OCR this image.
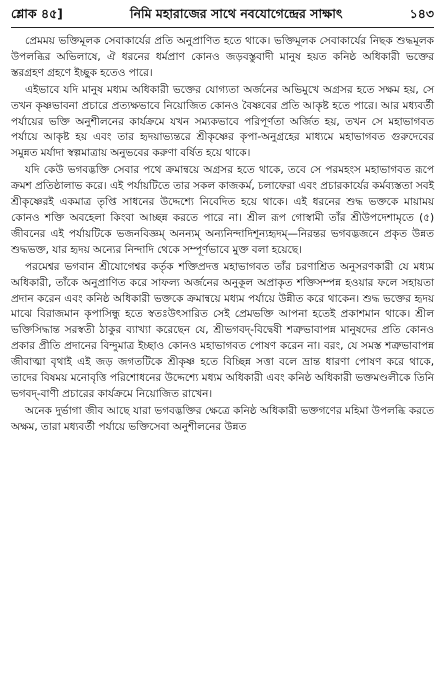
শ্লোক ৪৫]	নিমি মহারাজের সাথে নবযোগেন্দ্রের সাক্ষাৎ	১৪৩

প্রেমময় ভক্তিমূলক সেবাকার্যের প্রতি অনুপ্রাণিত হতে থাকে। ভক্তিমূলক সেবাকার্যের নিছক শুদ্ধমূলক উপলব্ধির অভিলাষে, ঐ ধরনের ধর্মপ্রাণ কোনও জড়বস্তুবাদী মানুষ হয়ত কনিষ্ঠ অধিকারী ভক্তের স্তরগ্রহণ গ্রহণে ইচ্ছুক হতেও পারে।

এইভাবে যদি মানুষ মধ্যম অধিকারী ভক্তের যোগ্যতা অর্জনের অভিমুখে অগ্রসর হতে সক্ষম হয়, সে তখন কৃষ্ণভাবনা প্রচারে প্রত্যক্ষভাবে নিয়োজিত কোনও বৈষ্ণবের প্রতি আকৃষ্ট হতে পারে। আর মধ্যবর্তী পর্যায়ের ভক্তি অনুশীলনের কার্যক্রমে যখন সম্যকভাবে পরিপূর্ণতা অর্জিত হয়, তখন সে মহাভাগবত পর্যায়ে আকৃষ্ট হয় এবং তার হৃদয়াভ্যন্তরে শ্রীকৃষ্ণের কৃপা-অনুগ্রহের মাধ্যমে মহাভাগবত গুরুদেবের সমুন্নত মর্যাদা স্বল্পমাত্রায় অনুভবের করুণা বর্ষিত হয়ে থাকে।

যদি কেউ ভগবদ্ভক্তি সেবার পথে ক্রমান্বয়ে অগ্রসর হতে থাকে, তবে সে পরমহংস মহাভাগবত রূপে ক্রমশ প্রতিষ্ঠালাভ করে। এই পর্যায়টিতে তার সকল কাজকর্ম, চলাফেরা এবং প্রচারকার্যের কর্মব্যস্ততা সবই শ্রীকৃষ্ণেরই একমাত্র তৃপ্তি সাধনের উদ্দেশ্যে নিবেদিত হয়ে থাকে। এই ধরনের শুদ্ধ ভক্তকে মায়াময় কোনও শক্তি অবহেলা কিংবা আচ্ছন্ন করতে পারে না। শ্রীল রূপ গোস্বামী তাঁর শ্রীউপদেশামৃতে (৫) জীবনের এই পর্যায়টিকে ভজনবিজ্ঞম্ অনন্যম্ অন্যনিন্দাদিশূন্যহৃদম্—নিরন্তর ভগবদ্ভজনে প্রকৃত উন্নত শুদ্ধভক্ত, যার হৃদয় অন্যের নিন্দাদি থেকে সম্পূর্ণভাবে মুক্ত বলা হয়েছে।

পরমেশ্বর ভগবান শ্রীযোগেশ্বর কর্তৃক শক্তিপ্রদত্ত মহাভাগবত তাঁর চরণাশ্রিত অনুসরণকারী যে মধ্যম অধিকারী, তাঁকে অনুপ্রাণিত করে সাফল্য অর্জনের অনুকূল অপ্রাকৃত শক্তিসম্পন্ন হওয়ার ফলে সহায়তা প্রদান করেন এবং কনিষ্ঠ অধিকারী ভক্তকে ক্রমান্বয়ে মধ্যম পর্যায়ে উন্নীত করে থাকেন। শুদ্ধ ভক্তের হৃদয় মাঝে বিরাজমান কৃপাসিন্ধু হতে স্বতঃউৎসারিত সেই প্রেমভক্তি আপনা হতেই প্রকাশমান থাকে। শ্রীল ভক্তিসিদ্ধান্ত সরস্বতী ঠাকুর ব্যাখ্যা করেছেন যে, শ্রীভগবদ্-বিদ্বেষী শত্রুভাবাপন্ন মানুষদের প্রতি কোনও প্রকার প্রীতি প্রদানের বিন্দুমাত্র ইচ্ছাও কোনও মহাভাগবত পোষণ করেন না। বরং, যে সমস্ত শত্রুভাবাপন্ন জীবাত্মা বৃথাই এই জড় জগতটিকে শ্রীকৃষ্ণ হতে বিচ্ছিন্ন সত্তা বলে ভ্রান্ত ধারণা পোষণ করে থাকে, তাদের বিষময় মনোবৃত্তি পরিশোধনের উদ্দেশ্যে মধ্যম অধিকারী এবং কনিষ্ঠ অধিকারী ভক্তমণ্ডলীকে তিনি ভগবদ্-বাণী প্রচারের কার্যক্রমে নিয়োজিত রাখেন।

অনেক দুর্ভাগা জীব আছে যারা ভগবদ্ভক্তির ক্ষেত্রে কনিষ্ঠ অধিকারী ভক্তগণের মহিমা উপলব্ধি করতে অক্ষম, তারা মধ্যবর্তী পর্যায়ে ভক্তিসেবা অনুশীলনের উন্নত
